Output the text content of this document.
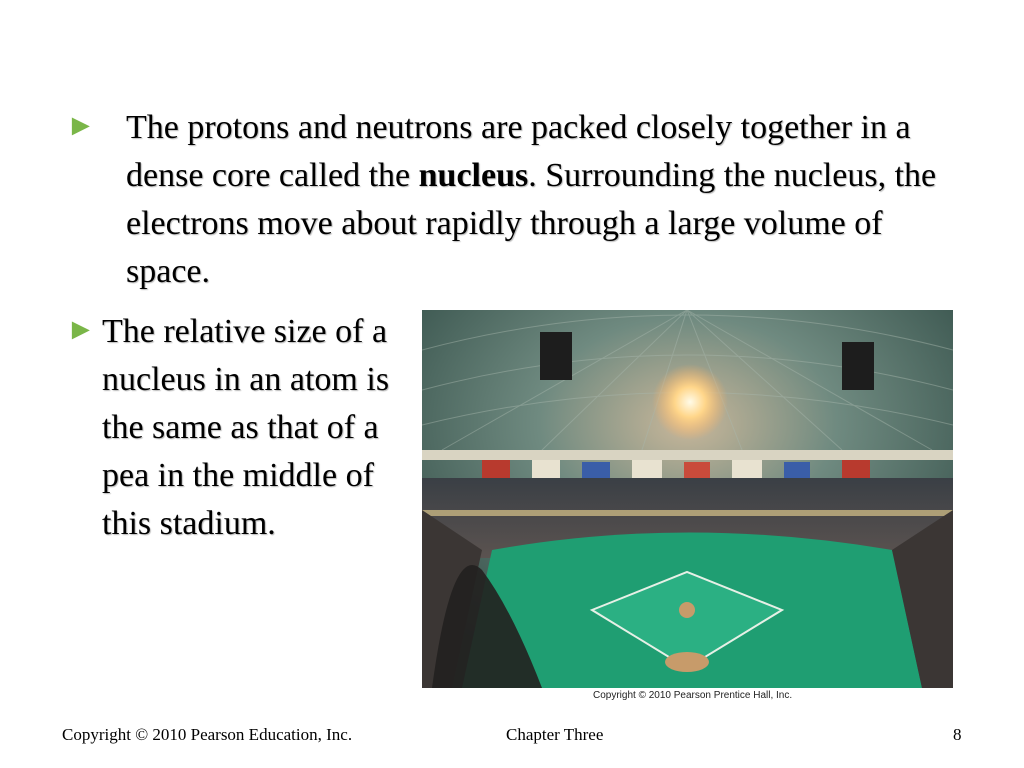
► The protons and neutrons are packed closely together in a dense core called the nucleus. Surrounding the nucleus, the electrons move about rapidly through a large volume of space.
► The relative size of a nucleus in an atom is the same as that of a pea in the middle of this stadium.
Copyright © 2010 Pearson Prentice Hall, Inc.
Copyright © 2010 Pearson Education, Inc.	Chapter Three	8
